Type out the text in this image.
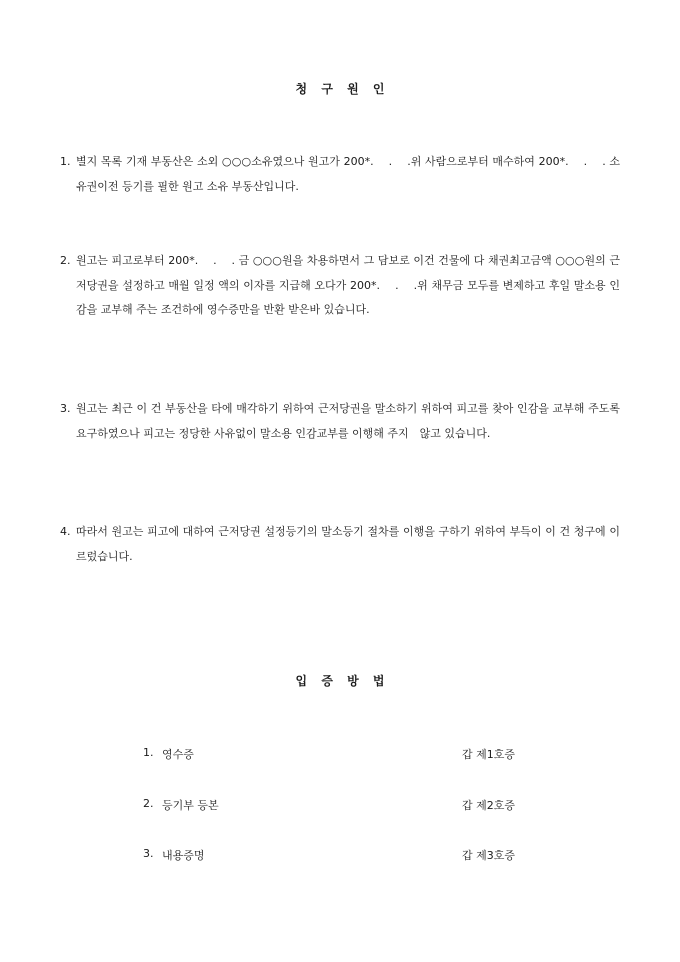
청 구 원 인
1. 별지 목록 기재 부동산은 소외 ○○○소유였으나 원고가 200*.　 .　 .위 사람으로부터 매수하여 200*.　 .　 . 소유권이전 등기를 필한 원고 소유 부동산입니다.
2. 원고는 피고로부터 200*.　 .　 . 금 ○○○원을 차용하면서 그 담보로 이건 건물에 다 채권최고금액 ○○○원의 근저당권을 설정하고 매월 일정 액의 이자를 지급해 오다가 200*.　 .　 .위 채무금 모두를 변제하고 후일 말소용 인감을 교부해 주는 조건하에 영수증만을 반환 받은바 있습니다.
3. 원고는 최근 이 건 부동산을 타에 매각하기 위하여 근저당권을 말소하기 위하여 피고를 찾아 인감을 교부해 주도록 요구하였으나 피고는 정당한 사유없이 말소용 인감교부를 이행해 주지　않고 있습니다.
4. 따라서 원고는 피고에 대하여 근저당권 설정등기의 말소등기 절차를 이행을 구하기 위하여 부득이 이 건 청구에 이르렀습니다.
입 증 방 법
1. 영수증	갑 제1호증
2. 등기부 등본	갑 제2호증
3. 내용증명	갑 제3호증
